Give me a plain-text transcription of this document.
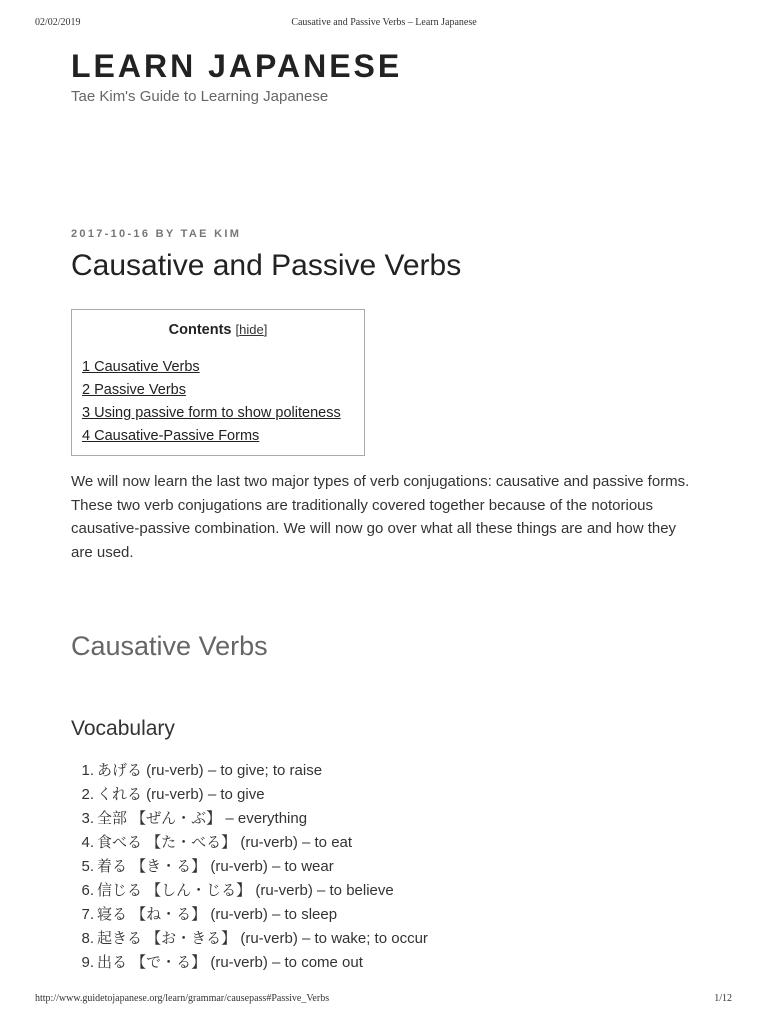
02/02/2019	Causative and Passive Verbs – Learn Japanese
LEARN JAPANESE

Tae Kim's Guide to Learning Japanese

2017-10-16 BY TAE KIM
Causative and Passive Verbs
Contents [hide]
1 Causative Verbs
2 Passive Verbs
3 Using passive form to show politeness
4 Causative-Passive Forms

We will now learn the last two major types of verb conjugations: causative and passive forms. These two verb conjugations are traditionally covered together because of the notorious causative-passive combination. We will now go over what all these things are and how they are used.

Causative Verbs
Vocabulary
1. あげる (ru-verb) – to give; to raise
2. くれる (ru-verb) – to give
3. 全部 【ぜん・ぶ】 – everything
4. 食べる 【た・べる】 (ru-verb) – to eat
5. 着る 【き・る】 (ru-verb) – to wear
6. 信じる 【しん・じる】 (ru-verb) – to believe
7. 寝る 【ね・る】 (ru-verb) – to sleep
8. 起きる 【お・きる】 (ru-verb) – to wake; to occur
9. 出る 【で・る】 (ru-verb) – to come out
http://www.guidetojapanese.org/learn/grammar/causepass#Passive_Verbs	1/12
